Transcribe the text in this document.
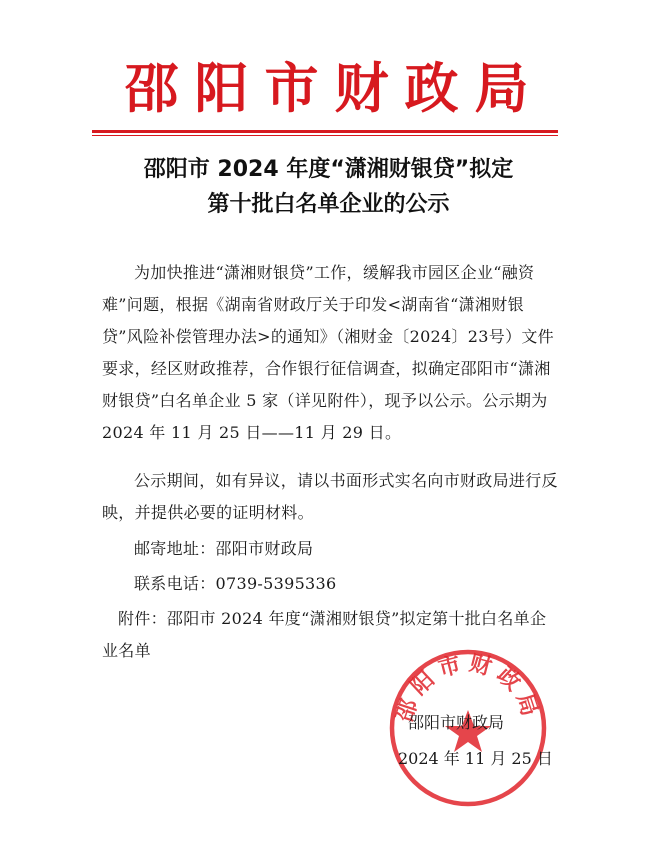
邵阳市财政局
邵阳市 2024 年度“潇湘财银贷”拟定
第十批白名单企业的公示

为加快推进“潇湘财银贷”工作，缓解我市园区企业“融资难”问题，根据《湖南省财政厅关于印发<湖南省“潇湘财银贷”风险补偿管理办法>的通知》（湘财金〔2024〕23号）文件要求，经区财政推荐，合作银行征信调查，拟确定邵阳市“潇湘财银贷”白名单企业 5 家（详见附件），现予以公示。公示期为 2024 年 11 月 25 日——11 月 29 日。

公示期间，如有异议，请以书面形式实名向市财政局进行反映，并提供必要的证明材料。

邮寄地址：邵阳市财政局
联系电话：0739-5395336

附件：邵阳市 2024 年度“潇湘财银贷”拟定第十批白名单企业名单

邵阳市财政局
邵阳市财政局
2024 年 11 月 25 日
